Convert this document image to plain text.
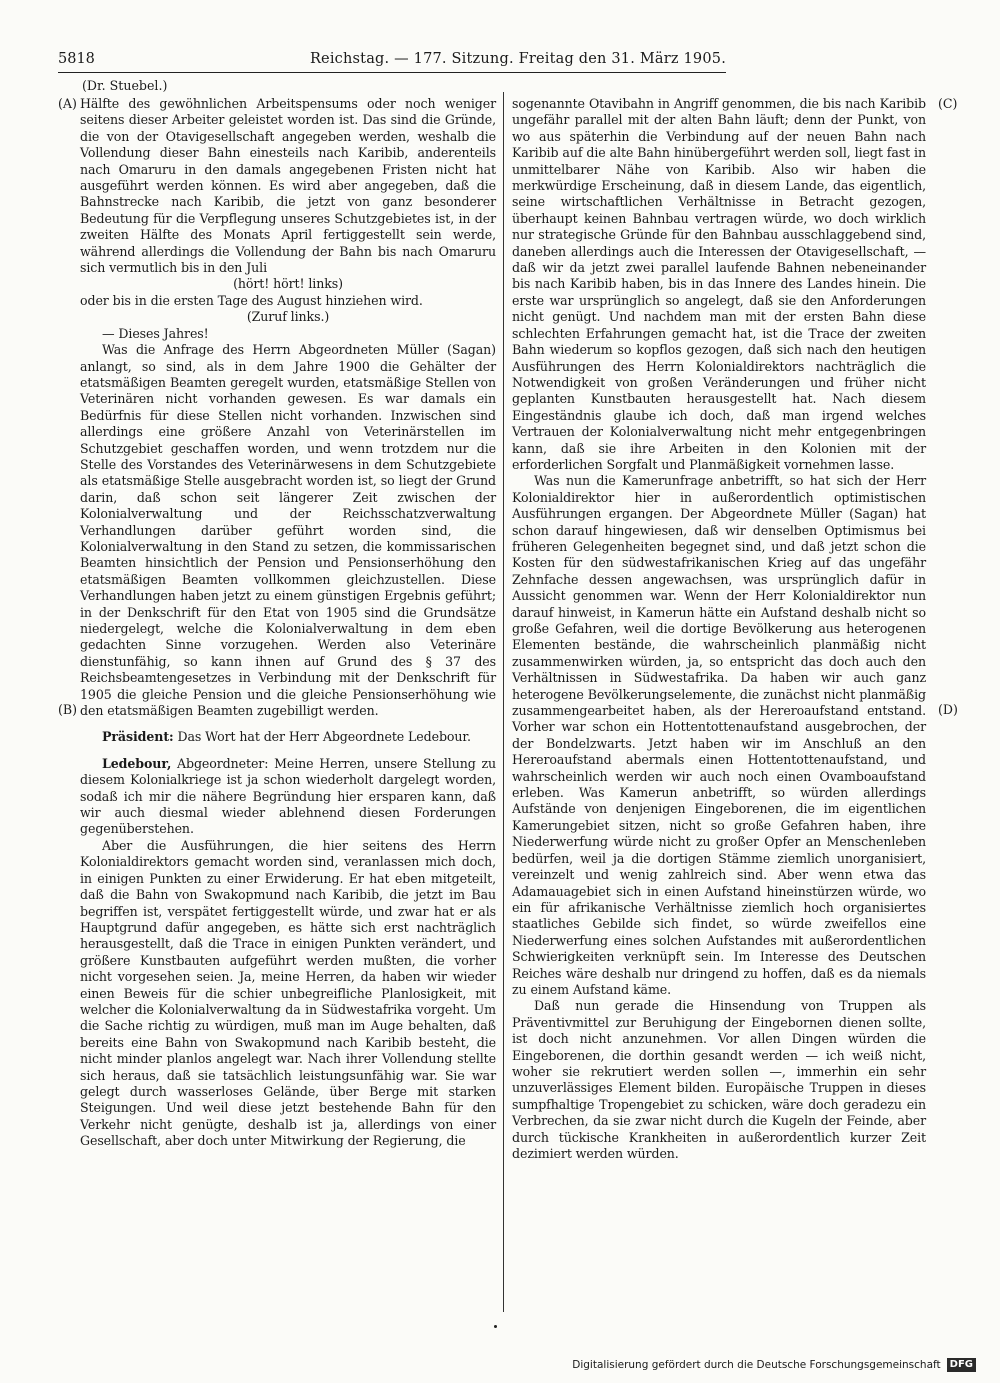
5818	Reichstag. — 177. Sitzung. Freitag den 31. März 1905.
(Dr. Stuebel.)
(A)
(B)
(C)
(D)

Hälfte des gewöhnlichen Arbeitspensums oder noch weniger seitens dieser Arbeiter geleistet worden ist. Das sind die Gründe, die von der Otavigesellschaft angegeben werden, weshalb die Vollendung dieser Bahn einesteils nach Karibib, anderenteils nach Omaruru in den damals angegebenen Fristen nicht hat ausgeführt werden können. Es wird aber angegeben, daß die Bahnstrecke nach Karibib, die jetzt von ganz besonderer Bedeutung für die Verpflegung unseres Schutzgebietes ist, in der zweiten Hälfte des Monats April fertiggestellt sein werde, während allerdings die Vollendung der Bahn bis nach Omaruru sich vermutlich bis in den Juli

(hört! hört! links)

oder bis in die ersten Tage des August hinziehen wird.

(Zuruf links.)

— Dieses Jahres!

Was die Anfrage des Herrn Abgeordneten Müller (Sagan) anlangt, so sind, als in dem Jahre 1900 die Gehälter der etatsmäßigen Beamten geregelt wurden, etatsmäßige Stellen von Veterinären nicht vorhanden gewesen. Es war damals ein Bedürfnis für diese Stellen nicht vorhanden. Inzwischen sind allerdings eine größere Anzahl von Veterinärstellen im Schutzgebiet geschaffen worden, und wenn trotzdem nur die Stelle des Vorstandes des Veterinärwesens in dem Schutzgebiete als etatsmäßige Stelle ausgebracht worden ist, so liegt der Grund darin, daß schon seit längerer Zeit zwischen der Kolonialverwaltung und der Reichsschatzverwaltung Verhandlungen darüber geführt worden sind, die Kolonialverwaltung in den Stand zu setzen, die kommissarischen Beamten hinsichtlich der Pension und Pensionserhöhung den etatsmäßigen Beamten vollkommen gleichzustellen. Diese Verhandlungen haben jetzt zu einem günstigen Ergebnis geführt; in der Denkschrift für den Etat von 1905 sind die Grundsätze niedergelegt, welche die Kolonialverwaltung in dem eben gedachten Sinne vorzugehen. Werden also Veterinäre dienstunfähig, so kann ihnen auf Grund des § 37 des Reichsbeamtengesetzes in Verbindung mit der Denkschrift für 1905 die gleiche Pension und die gleiche Pensionserhöhung wie den etatsmäßigen Beamten zugebilligt werden.

Präsident: Das Wort hat der Herr Abgeordnete Ledebour.

Ledebour, Abgeordneter: Meine Herren, unsere Stellung zu diesem Kolonialkriege ist ja schon wiederholt dargelegt worden, sodaß ich mir die nähere Begründung hier ersparen kann, daß wir auch diesmal wieder ablehnend diesen Forderungen gegenüberstehen.

Aber die Ausführungen, die hier seitens des Herrn Kolonialdirektors gemacht worden sind, veranlassen mich doch, in einigen Punkten zu einer Erwiderung. Er hat eben mitgeteilt, daß die Bahn von Swakopmund nach Karibib, die jetzt im Bau begriffen ist, verspätet fertiggestellt würde, und zwar hat er als Hauptgrund dafür angegeben, es hätte sich erst nachträglich herausgestellt, daß die Trace in einigen Punkten verändert, und größere Kunstbauten aufgeführt werden mußten, die vorher nicht vorgesehen seien. Ja, meine Herren, da haben wir wieder einen Beweis für die schier unbegreifliche Planlosigkeit, mit welcher die Kolonialverwaltung da in Südwestafrika vorgeht. Um die Sache richtig zu würdigen, muß man im Auge behalten, daß bereits eine Bahn von Swakopmund nach Karibib besteht, die nicht minder planlos angelegt war. Nach ihrer Vollendung stellte sich heraus, daß sie tatsächlich leistungsunfähig war. Sie war gelegt durch wasserloses Gelände, über Berge mit starken Steigungen. Und weil diese jetzt bestehende Bahn für den Verkehr nicht genügte, deshalb ist ja, allerdings von einer Gesellschaft, aber doch unter Mitwirkung der Regierung, die

sogenannte Otavibahn in Angriff genommen, die bis nach Karibib ungefähr parallel mit der alten Bahn läuft; denn der Punkt, von wo aus späterhin die Verbindung auf der neuen Bahn nach Karibib auf die alte Bahn hinübergeführt werden soll, liegt fast in unmittelbarer Nähe von Karibib. Also wir haben die merkwürdige Erscheinung, daß in diesem Lande, das eigentlich, seine wirtschaftlichen Verhältnisse in Betracht gezogen, überhaupt keinen Bahnbau vertragen würde, wo doch wirklich nur strategische Gründe für den Bahnbau ausschlaggebend sind, daneben allerdings auch die Interessen der Otavigesellschaft, — daß wir da jetzt zwei parallel laufende Bahnen nebeneinander bis nach Karibib haben, bis in das Innere des Landes hinein. Die erste war ursprünglich so angelegt, daß sie den Anforderungen nicht genügt. Und nachdem man mit der ersten Bahn diese schlechten Erfahrungen gemacht hat, ist die Trace der zweiten Bahn wiederum so kopflos gezogen, daß sich nach den heutigen Ausführungen des Herrn Kolonialdirektors nachträglich die Notwendigkeit von großen Veränderungen und früher nicht geplanten Kunstbauten herausgestellt hat. Nach diesem Eingeständnis glaube ich doch, daß man irgend welches Vertrauen der Kolonialverwaltung nicht mehr entgegenbringen kann, daß sie ihre Arbeiten in den Kolonien mit der erforderlichen Sorgfalt und Planmäßigkeit vornehmen lasse.

Was nun die Kamerunfrage anbetrifft, so hat sich der Herr Kolonialdirektor hier in außerordentlich optimistischen Ausführungen ergangen. Der Abgeordnete Müller (Sagan) hat schon darauf hingewiesen, daß wir denselben Optimismus bei früheren Gelegenheiten begegnet sind, und daß jetzt schon die Kosten für den südwestafrikanischen Krieg auf das ungefähr Zehnfache dessen angewachsen, was ursprünglich dafür in Aussicht genommen war. Wenn der Herr Kolonialdirektor nun darauf hinweist, in Kamerun hätte ein Aufstand deshalb nicht so große Gefahren, weil die dortige Bevölkerung aus heterogenen Elementen bestände, die wahrscheinlich planmäßig nicht zusammenwirken würden, ja, so entspricht das doch auch den Verhältnissen in Südwestafrika. Da haben wir auch ganz heterogene Bevölkerungselemente, die zunächst nicht planmäßig zusammengearbeitet haben, als der Hereroaufstand entstand. Vorher war schon ein Hottentottenaufstand ausgebrochen, der der Bondelzwarts. Jetzt haben wir im Anschluß an den Hereroaufstand abermals einen Hottentottenaufstand, und wahrscheinlich werden wir auch noch einen Ovamboaufstand erleben. Was Kamerun anbetrifft, so würden allerdings Aufstände von denjenigen Eingeborenen, die im eigentlichen Kamerungebiet sitzen, nicht so große Gefahren haben, ihre Niederwerfung würde nicht zu großer Opfer an Menschenleben bedürfen, weil ja die dortigen Stämme ziemlich unorganisiert, vereinzelt und wenig zahlreich sind. Aber wenn etwa das Adamauagebiet sich in einen Aufstand hineinstürzen würde, wo ein für afrikanische Verhältnisse ziemlich hoch organisiertes staatliches Gebilde sich findet, so würde zweifellos eine Niederwerfung eines solchen Aufstandes mit außerordentlichen Schwierigkeiten verknüpft sein. Im Interesse des Deutschen Reiches wäre deshalb nur dringend zu hoffen, daß es da niemals zu einem Aufstand käme.

Daß nun gerade die Hinsendung von Truppen als Präventivmittel zur Beruhigung der Eingebornen dienen sollte, ist doch nicht anzunehmen. Vor allen Dingen würden die Eingeborenen, die dorthin gesandt werden — ich weiß nicht, woher sie rekrutiert werden sollen —, immerhin ein sehr unzuverlässiges Element bilden. Europäische Truppen in dieses sumpfhaltige Tropengebiet zu schicken, wäre doch geradezu ein Verbrechen, da sie zwar nicht durch die Kugeln der Feinde, aber durch tückische Krankheiten in außerordentlich kurzer Zeit dezimiert werden würden.

Digitalisierung gefördert durch die Deutsche Forschungsgemeinschaft DFG
